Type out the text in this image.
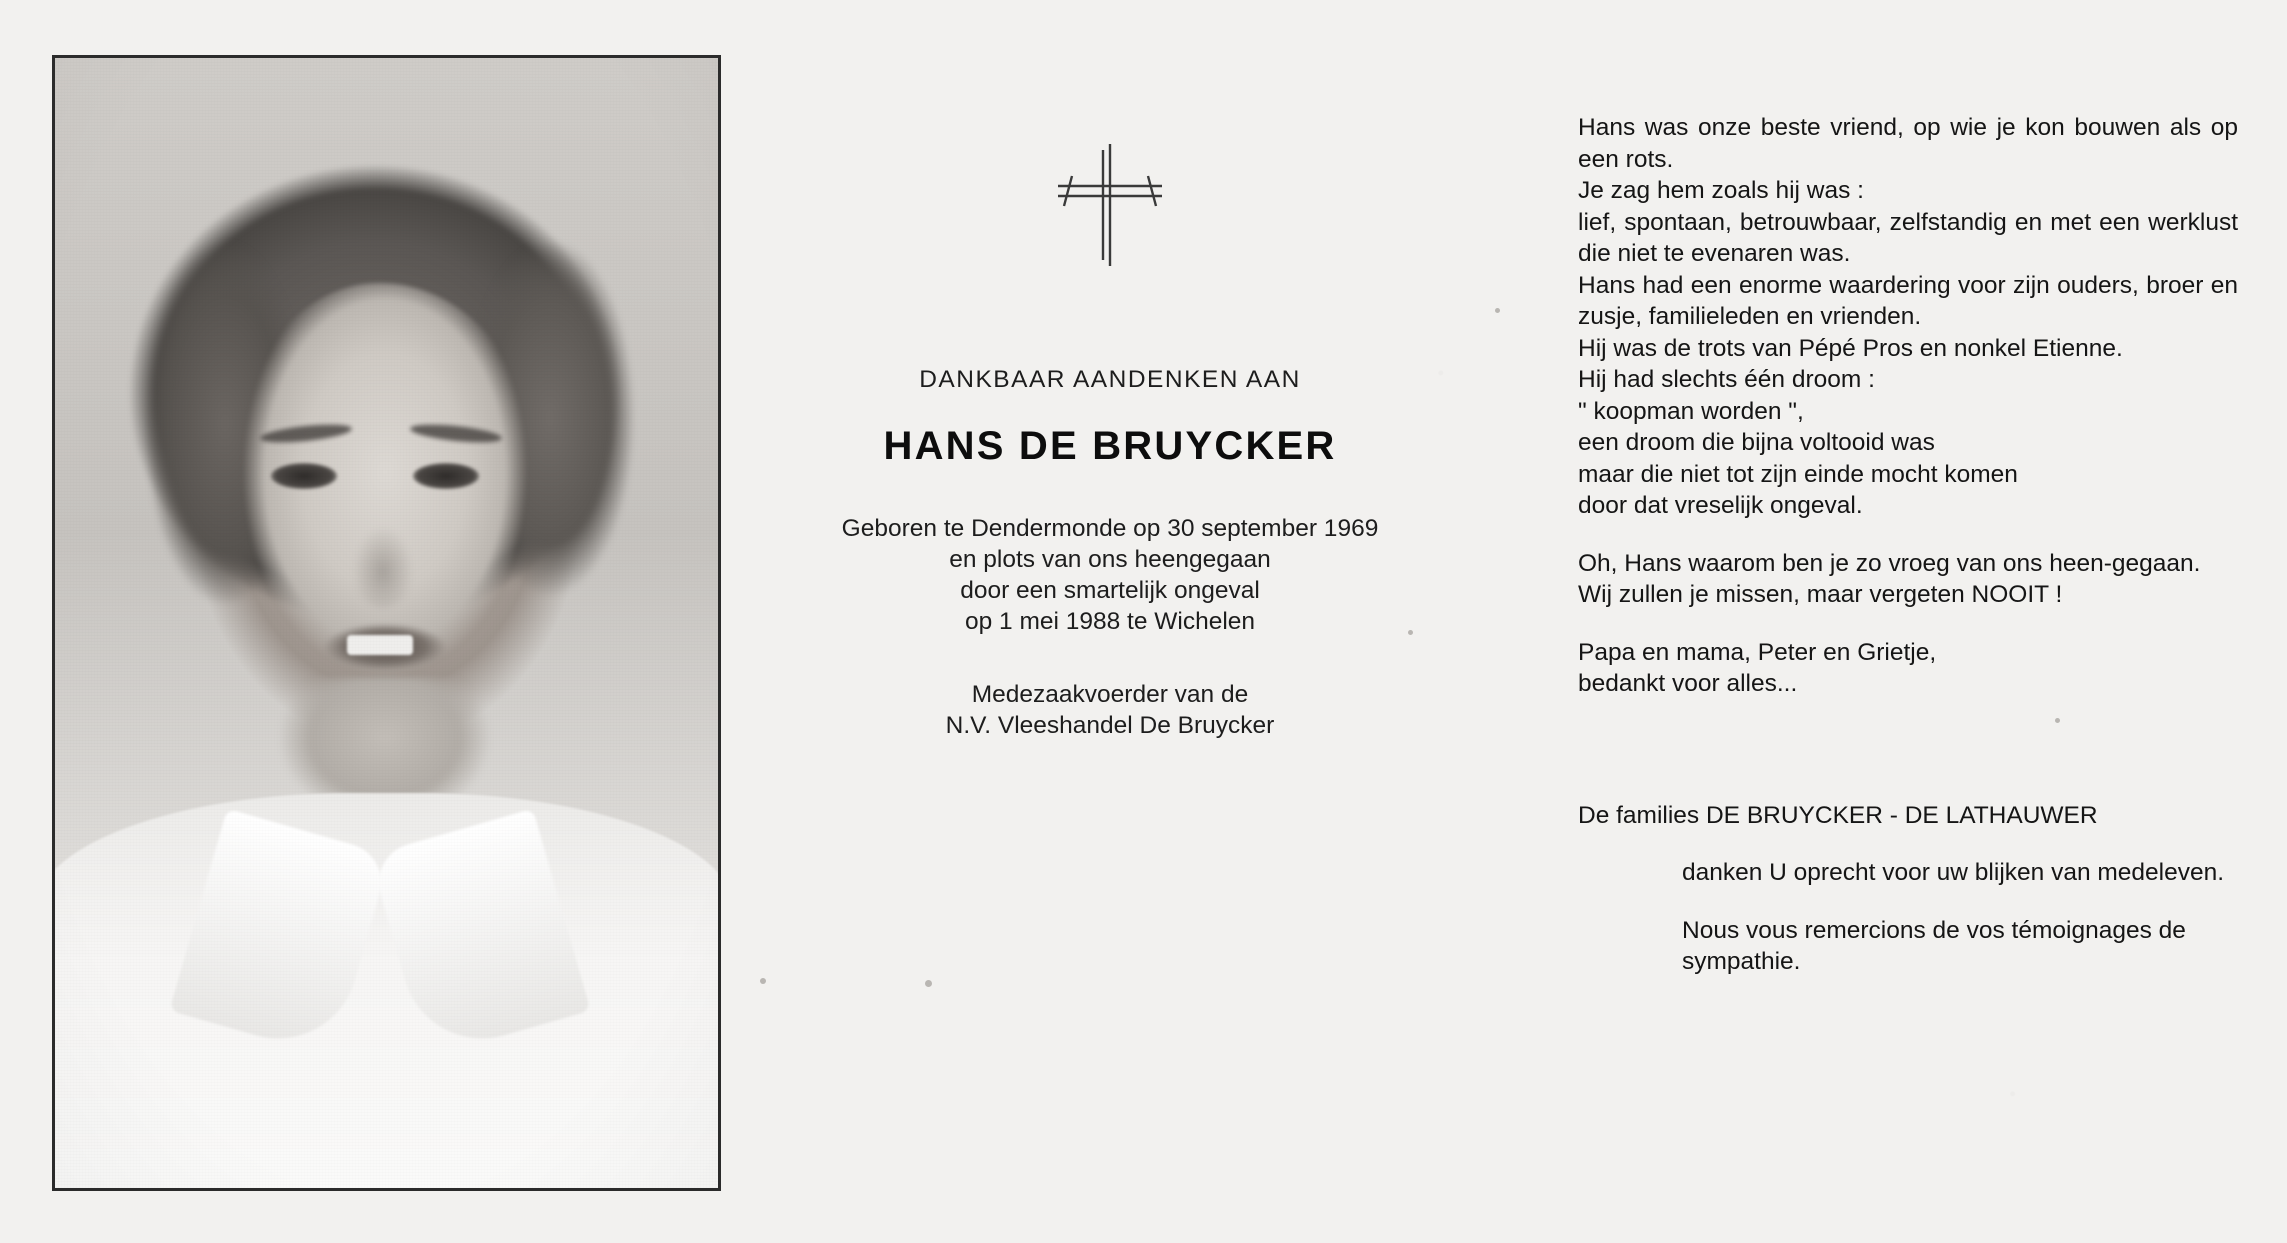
DANKBAAR AANDENKEN AAN
HANS DE BRUYCKER
Geboren te Dendermonde op 30 september 1969
en plots van ons heengegaan
door een smartelijk ongeval
op 1 mei 1988 te Wichelen
Medezaakvoerder van de
N.V. Vleeshandel De Bruycker

Hans was onze beste vriend, op wie je kon bouwen als op een rots.

Je zag hem zoals hij was :

lief, spontaan, betrouwbaar, zelfstandig en met een werklust die niet te evenaren was.

Hans had een enorme waardering voor zijn ouders, broer en zusje, familieleden en vrienden.

Hij was de trots van Pépé Pros en nonkel Etienne.

Hij had slechts één droom :

" koopman worden ",

een droom die bijna voltooid was

maar die niet tot zijn einde mocht komen

door dat vreselijk ongeval.

Oh, Hans waarom ben je zo vroeg van ons heen-gegaan.

Wij zullen je missen, maar vergeten NOOIT !

Papa en mama, Peter en Grietje,

bedankt voor alles...

De families DE BRUYCKER - DE LATHAUWER
danken U oprecht voor uw blijken van medeleven.
Nous vous remercions de vos témoignages de sympathie.
